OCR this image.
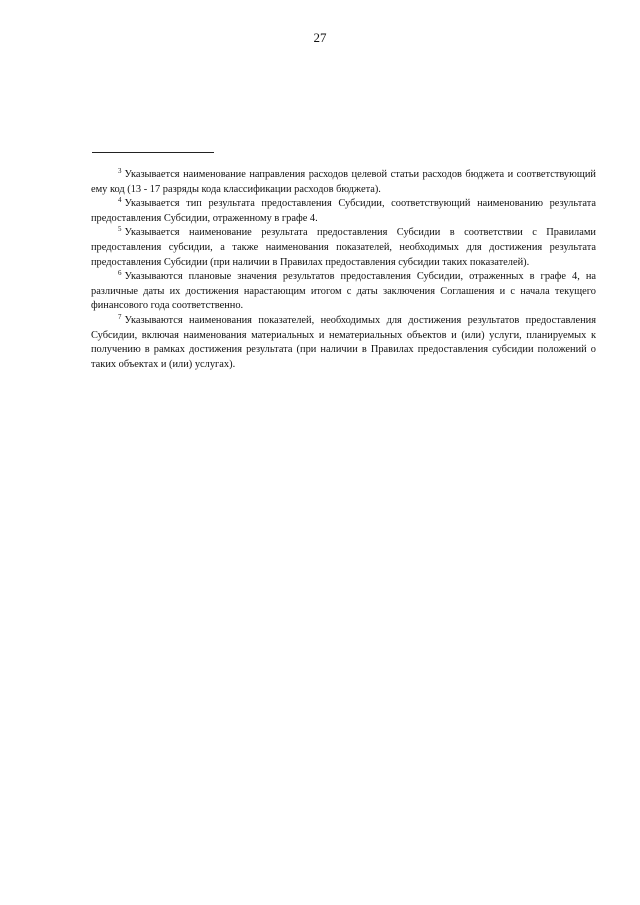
27

$^3$ Указывается наименование направления расходов целевой статьи расходов бюджета и соответствующий ему код (13 - 17 разряды кода классификации расходов бюджета).

$^4$ Указывается тип результата предоставления Субсидии, соответствующий наименованию результата предоставления Субсидии, отраженному в графе 4.

$^5$ Указывается наименование результата предоставления Субсидии в соответствии с Правилами предоставления субсидии, а также наименования показателей, необходимых для достижения результата предоставления Субсидии (при наличии в Правилах предоставления субсидии таких показателей).

$^6$ Указываются плановые значения результатов предоставления Субсидии, отраженных в графе 4, на различные даты их достижения нарастающим итогом с даты заключения Соглашения и с начала текущего финансового года соответственно.

$^7$ Указываются наименования показателей, необходимых для достижения результатов предоставления Субсидии, включая наименования материальных и нематериальных объектов и (или) услуги, планируемых к получению в рамках достижения результата (при наличии в Правилах предоставления субсидии положений о таких объектах и (или) услугах).
